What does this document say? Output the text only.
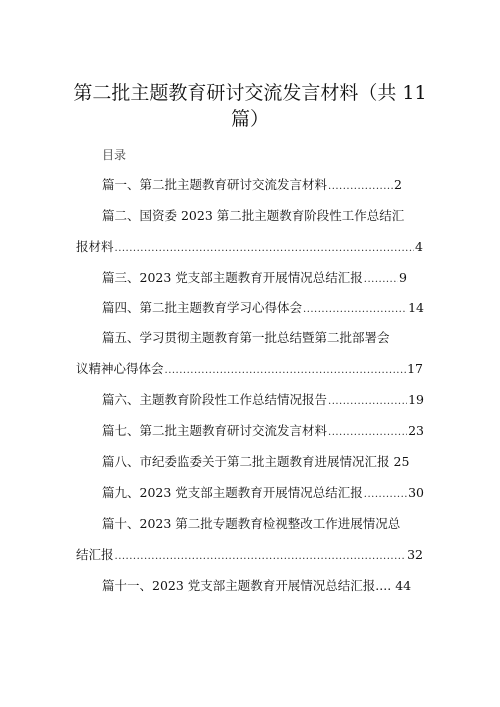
第二批主题教育研讨交流发言材料（共 11
篇）
目录
篇一、第二批主题教育研讨交流发言材料 .....	2
篇二、国资委 2023 第二批主题教育阶段性工作总结汇
报材料 .....	4
篇三、2023 党支部主题教育开展情况总结汇报 .....	9
篇四、第二批主题教育学习心得体会 .....	14
篇五、学习贯彻主题教育第一批总结暨第二批部署会
议精神心得体会 .....	17
篇六、主题教育阶段性工作总结情况报告 .....	19
篇七、第二批主题教育研讨交流发言材料 .....	23
篇八、市纪委监委关于第二批主题教育进展情况汇报 25
篇九、2023 党支部主题教育开展情况总结汇报 .....	30
篇十、2023 第二批专题教育检视整改工作进展情况总
结汇报 .....	32
篇十一、2023 党支部主题教育开展情况总结汇报.... 44
